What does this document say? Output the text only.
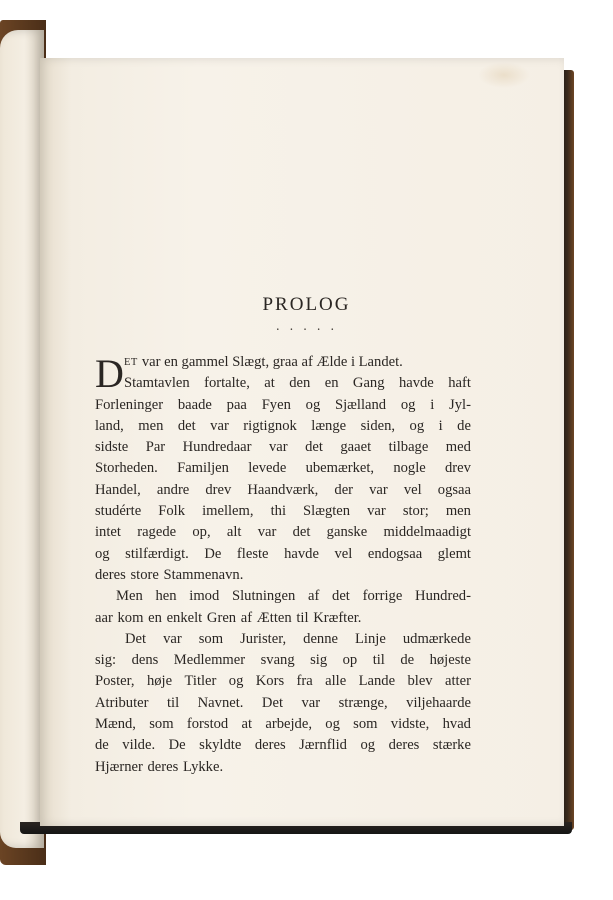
PROLOG
. . . . .
D ET var en gammel Slægt, graa af Ælde i Landet.
Stamtavlen fortalte, at den en Gang havde haft
Forleninger baade paa Fyen og Sjælland og i Jyl-
land, men det var rigtignok længe siden, og i de
sidste Par Hundredaar var det gaaet tilbage med
Storheden. Familjen levede ubemærket, nogle drev
Handel, andre drev Haandværk, der var vel ogsaa
studérte Folk imellem, thi Slægten var stor; men
intet ragede op, alt var det ganske middelmaadigt
og stilfærdigt. De fleste havde vel endogsaa glemt
deres store Stammenavn.
Men hen imod Slutningen af det forrige Hundred-
aar kom en enkelt Gren af Ætten til Kræfter.
Det var som Jurister, denne Linje udmærkede
sig: dens Medlemmer svang sig op til de højeste
Poster, høje Titler og Kors fra alle Lande blev atter
Atributer til Navnet. Det var strænge, viljehaarde
Mænd, som forstod at arbejde, og som vidste, hvad
de vilde. De skyldte deres Jærnflid og deres stærke
Hjærner deres Lykke.
